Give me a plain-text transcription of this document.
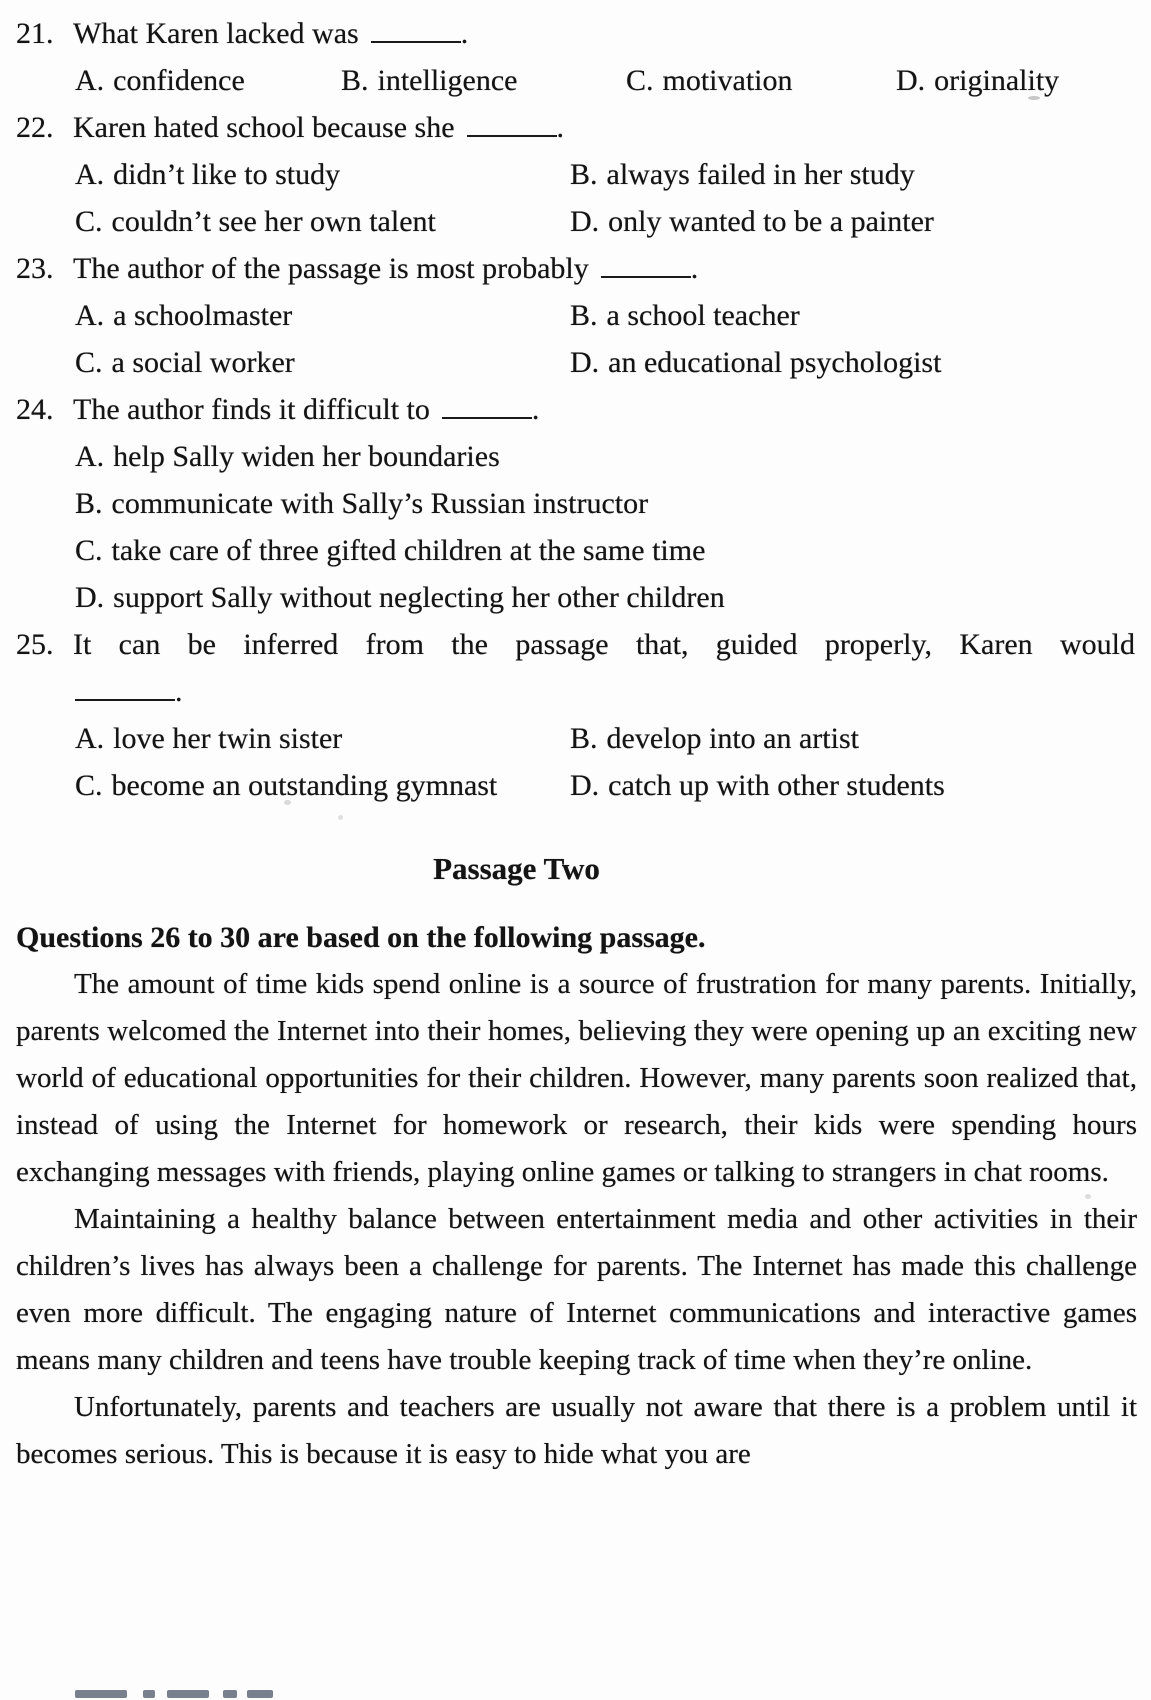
21. What Karen lacked was	.
A. confidence	B. intelligence	C. motivation	D. originality
22. Karen hated school because she	.
A. didn’t like to study	B. always failed in her study
C. couldn’t see her own talent	D. only wanted to be a painter
23. The author of the passage is most probably	.
A. a schoolmaster	B. a school teacher
C. a social worker	D. an educational psychologist
24. The author finds it difficult to	.
A. help Sally widen her boundaries
B. communicate with Sally’s Russian instructor
C. take care of three gifted children at the same time
D. support Sally without neglecting her other children
25. It can be inferred from the passage that, guided properly, Karen would
.
A. love her twin sister	B. develop into an artist
C. become an outstanding gymnast	D. catch up with other students
Passage Two

Questions 26 to 30 are based on the following passage.

The amount of time kids spend online is a source of frustration for many parents. Initially, parents welcomed the Internet into their homes, believing they were opening up an exciting new world of educational opportunities for their children. However, many parents soon realized that, instead of using the Internet for homework or research, their kids were spending hours exchanging messages with friends, playing online games or talking to strangers in chat rooms.

Maintaining a healthy balance between entertainment media and other activities in their children’s lives has always been a challenge for parents. The Internet has made this challenge even more difficult. The engaging nature of Internet communications and interactive games means many children and teens have trouble keeping track of time when they’re online.

Unfortunately, parents and teachers are usually not aware that there is a problem until it becomes serious. This is because it is easy to hide what you are
